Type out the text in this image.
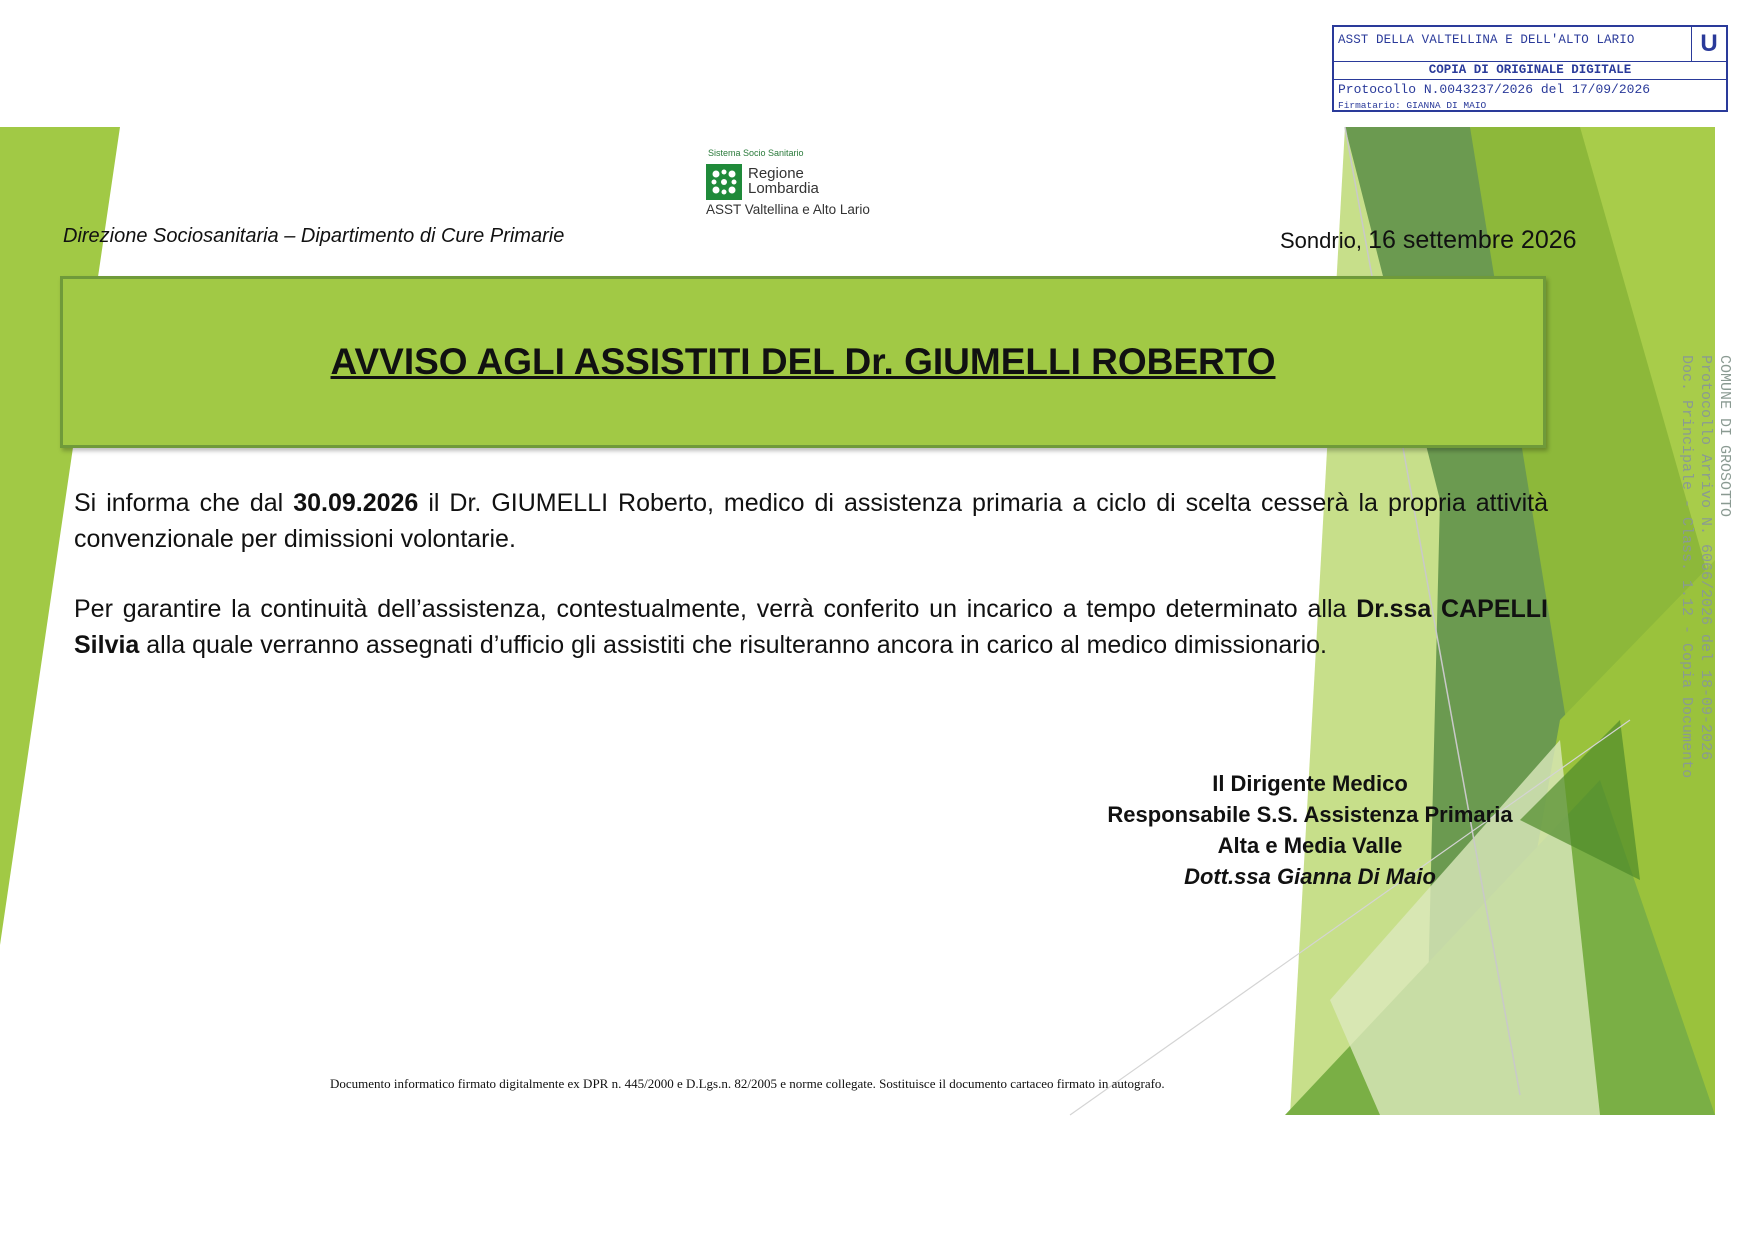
ASST DELLA VALTELLINA E DELL'ALTO LARIO	U
COPIA DI ORIGINALE DIGITALE
Protocollo N.0043237/2026 del 17/09/2026
Firmatario: GIANNA DI MAIO
Sistema Socio Sanitario
Regione
Lombardia
ASST Valtellina e Alto Lario
Direzione Sociosanitaria – Dipartimento di Cure Primarie	Sondrio, 16 settembre 2026
AVVISO AGLI ASSISTITI DEL Dr. GIUMELLI ROBERTO

Si informa che dal 30.09.2026 il Dr. GIUMELLI Roberto, medico di assistenza primaria a ciclo di scelta cesserà la propria attività convenzionale per dimissioni volontarie.

Per garantire la continuità dell’assistenza, contestualmente, verrà conferito un incarico a tempo determinato alla Dr.ssa CAPELLI Silvia alla quale verranno assegnati d’ufficio gli assistiti che risulteranno ancora in carico al medico dimissionario.

Il Dirigente Medico
Responsabile S.S. Assistenza Primaria
Alta e Media Valle
Dott.ssa Gianna Di Maio
Documento informatico firmato digitalmente ex DPR n. 445/2000 e D.Lgs.n. 82/2005 e norme collegate. Sostituisce il documento cartaceo firmato in autografo.
COMUNE DI GROSOTTO
Protocollo Arrivo N. 6066/2026 del 18-09-2026
Doc. Principale - Class. 1.12 - Copia Documento
